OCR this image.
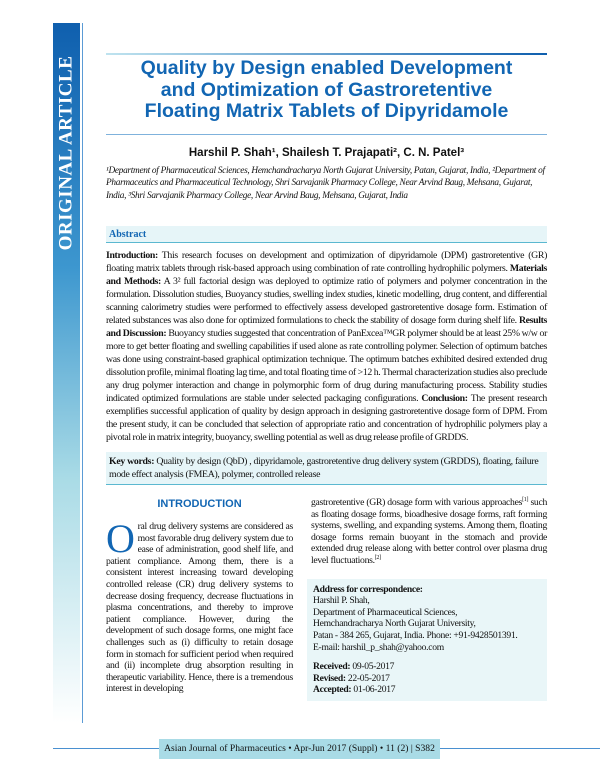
ORIGINAL ARTICLE	Quality by Design enabled Development
and Optimization of Gastroretentive
Floating Matrix Tablets of Dipyridamole
Harshil P. Shah¹, Shailesh T. Prajapati², C. N. Patel³
¹Department of Pharmaceutical Sciences, Hemchandracharya North Gujarat University, Patan, Gujarat, India, ²Department of Pharmaceutics and Pharmaceutical Technology, Shri Sarvajanik Pharmacy College, Near Arvind Baug, Mehsana, Gujarat, India, ³Shri Sarvajanik Pharmacy College, Near Arvind Baug, Mehsana, Gujarat, India
Abstract
Introduction: This research focuses on development and optimization of dipyridamole (DPM) gastroretentive (GR) floating matrix tablets through risk-based approach using combination of rate controlling hydrophilic polymers. Materials and Methods: A 3² full factorial design was deployed to optimize ratio of polymers and polymer concentration in the formulation. Dissolution studies, Buoyancy studies, swelling index studies, kinetic modelling, drug content, and differential scanning calorimetry studies were performed to effectively assess developed gastroretentive dosage form. Estimation of related substances was also done for optimized formulations to check the stability of dosage form during shelf life. Results and Discussion: Buoyancy studies suggested that concentration of PanExcea™GR polymer should be at least 25% w/w or more to get better floating and swelling capabilities if used alone as rate controlling polymer. Selection of optimum batches was done using constraint-based graphical optimization technique. The optimum batches exhibited desired extended drug dissolution profile, minimal floating lag time, and total floating time of >12 h. Thermal characterization studies also preclude any drug polymer interaction and change in polymorphic form of drug during manufacturing process. Stability studies indicated optimized formulations are stable under selected packaging configurations. Conclusion: The present research exemplifies successful application of quality by design approach in designing gastroretentive dosage form of DPM. From the present study, it can be concluded that selection of appropriate ratio and concentration of hydrophilic polymers play a pivotal role in matrix integrity, buoyancy, swelling potential as well as drug release profile of GRDDS.
Key words: Quality by design (QbD) , dipyridamole, gastroretentive drug delivery system (GRDDS), floating, failure mode effect analysis (FMEA), polymer, controlled release
INTRODUCTION
Oral drug delivery systems are considered as most favorable drug delivery system due to ease of administration, good shelf life, and patient compliance. Among them, there is a consistent interest increasing toward developing controlled release (CR) drug delivery systems to decrease dosing frequency, decrease fluctuations in plasma concentrations, and thereby to improve patient compliance. However, during the development of such dosage forms, one might face challenges such as (i) difficulty to retain dosage form in stomach for sufficient period when required and (ii) incomplete drug absorption resulting in therapeutic variability. Hence, there is a tremendous interest in developing
gastroretentive (GR) dosage form with various approaches[1] such as floating dosage forms, bioadhesive dosage forms, raft forming systems, swelling, and expanding systems. Among them, floating dosage forms remain buoyant in the stomach and provide extended drug release along with better control over plasma drug level fluctuations.[2]
Address for correspondence:
Harshil P. Shah,
Department of Pharmaceutical Sciences,
Hemchandracharya North Gujarat University,
Patan - 384 265, Gujarat, India. Phone: +91-9428501391.
E-mail: harshil_p_shah@yahoo.com
Received: 09-05-2017
Revised: 22-05-2017
Accepted: 01-06-2017
Asian Journal of Pharmaceutics • Apr-Jun 2017 (Suppl) • 11 (2) | S382
